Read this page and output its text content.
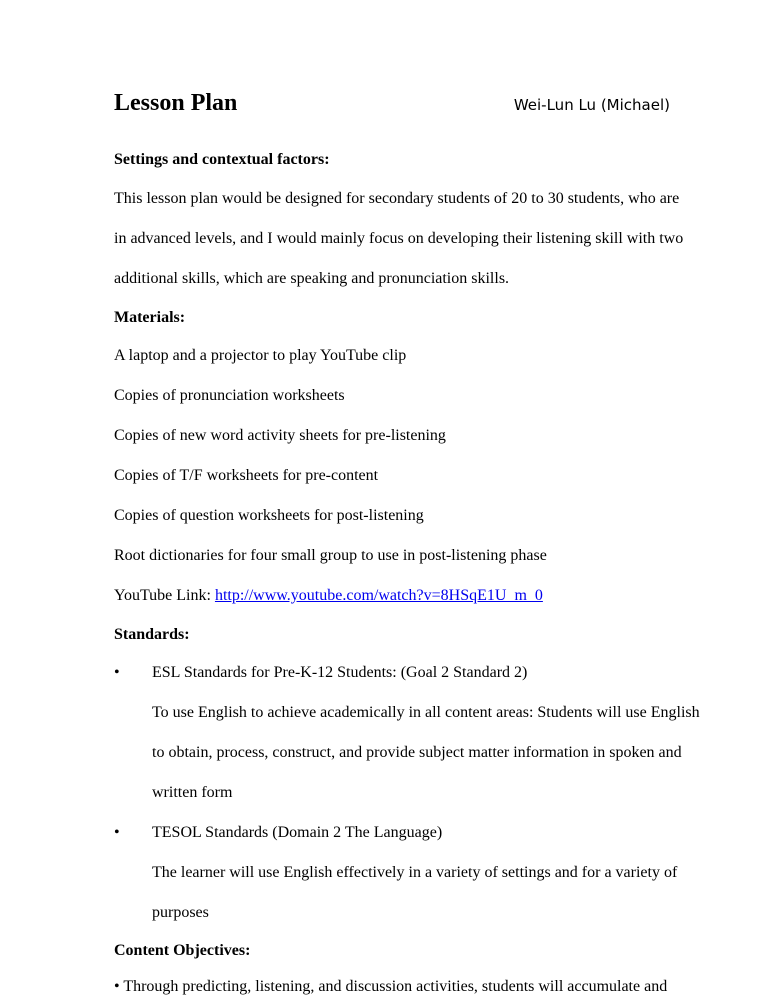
Lesson Plan	Wei-Lun Lu (Michael)
Settings and contextual factors:
This lesson plan would be designed for secondary students of 20 to 30 students, who are
in advanced levels, and I would mainly focus on developing their listening skill with two
additional skills, which are speaking and pronunciation skills.
Materials:
A laptop and a projector to play YouTube clip
Copies of pronunciation worksheets
Copies of new word activity sheets for pre-listening
Copies of T/F worksheets for pre-content
Copies of question worksheets for post-listening
Root dictionaries for four small group to use in post-listening phase
YouTube Link: http://www.youtube.com/watch?v=8HSqE1U_m_0
Standards:
• ESL Standards for Pre-K-12 Students: (Goal 2 Standard 2)
To use English to achieve academically in all content areas: Students will use English
to obtain, process, construct, and provide subject matter information in spoken and
written form
• TESOL Standards (Domain 2 The Language)
The learner will use English effectively in a variety of settings and for a variety of
purposes
Content Objectives:
• Through predicting, listening, and discussion activities, students will accumulate and
